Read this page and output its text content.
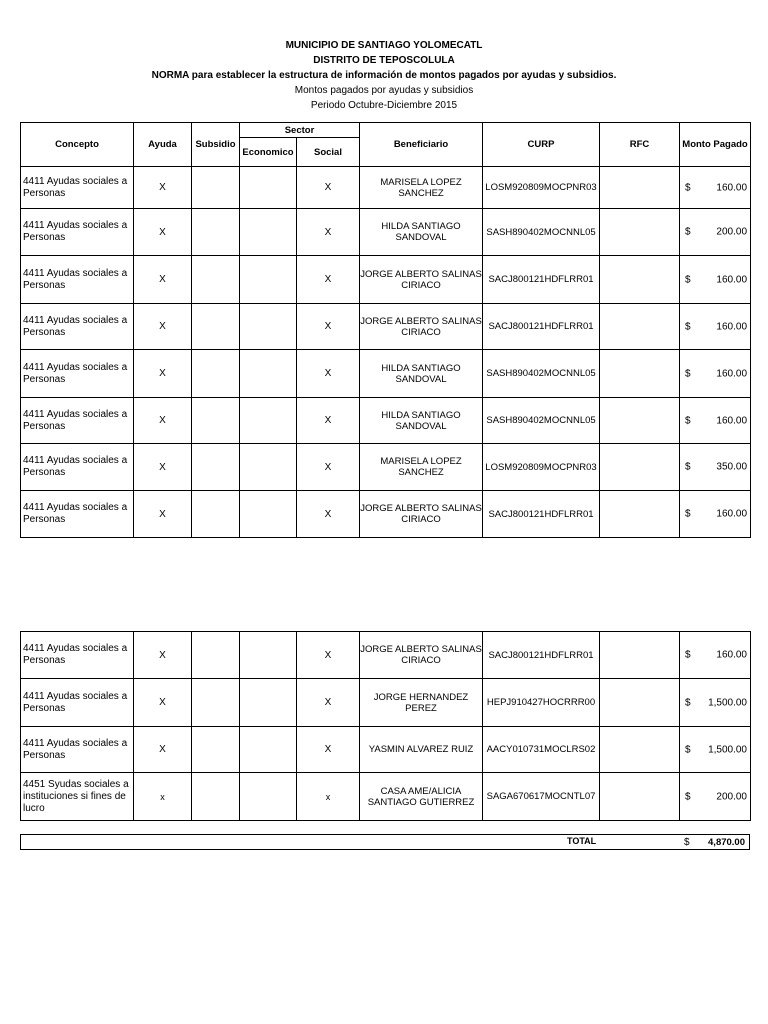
MUNICIPIO DE SANTIAGO YOLOMECATL
DISTRITO DE TEPOSCOLULA
NORMA para establecer la estructura de información de montos pagados por ayudas y subsidios.
Montos pagados por ayudas y subsidios
Periodo Octubre-Diciembre 2015
Concepto	Ayuda	Subsidio	Sector		Beneficiario	CURP	RFC	Monto Pagado
			Economico	Social				
4411 Ayudas sociales a Personas	X			X	MARISELA LOPEZ SANCHEZ	LOSM920809MOCPNR03		$ 160.00

4411 Ayudas sociales a Personas	X			X	HILDA SANTIAGO SANDOVAL	SASH890402MOCNNL05		$ 200.00

4411 Ayudas sociales a Personas	X			X	JORGE ALBERTO SALINAS CIRIACO	SACJ800121HDFLRR01		$ 160.00

4411 Ayudas sociales a Personas	X			X	JORGE ALBERTO SALINAS CIRIACO	SACJ800121HDFLRR01		$ 160.00

4411 Ayudas sociales a Personas	X			X	HILDA SANTIAGO SANDOVAL	SASH890402MOCNNL05		$ 160.00

4411 Ayudas sociales a Personas	X			X	HILDA SANTIAGO SANDOVAL	SASH890402MOCNNL05		$ 160.00

4411 Ayudas sociales a Personas	X			X	MARISELA LOPEZ SANCHEZ	LOSM920809MOCPNR03		$ 350.00

4411 Ayudas sociales a Personas	X			X	JORGE ALBERTO SALINAS CIRIACO	SACJ800121HDFLRR01		$ 160.00
4411 Ayudas sociales a Personas	X			X	JORGE ALBERTO SALINAS CIRIACO	SACJ800121HDFLRR01		$ 160.00

4411 Ayudas sociales a Personas	X			X	JORGE HERNANDEZ PEREZ	HEPJ910427HOCRRR00		$ 1,500.00

4411 Ayudas sociales a Personas	X			X	YASMIN ALVAREZ RUIZ	AACY010731MOCLRS02		$ 1,500.00

4451 Syudas sociales a instituciones si fines de lucro	x			x	CASA AME/ALICIA SANTIAGO GUTIERREZ	SAGA670617MOCNTL07		$ 200.00
TOTAL	$ 4,870.00
